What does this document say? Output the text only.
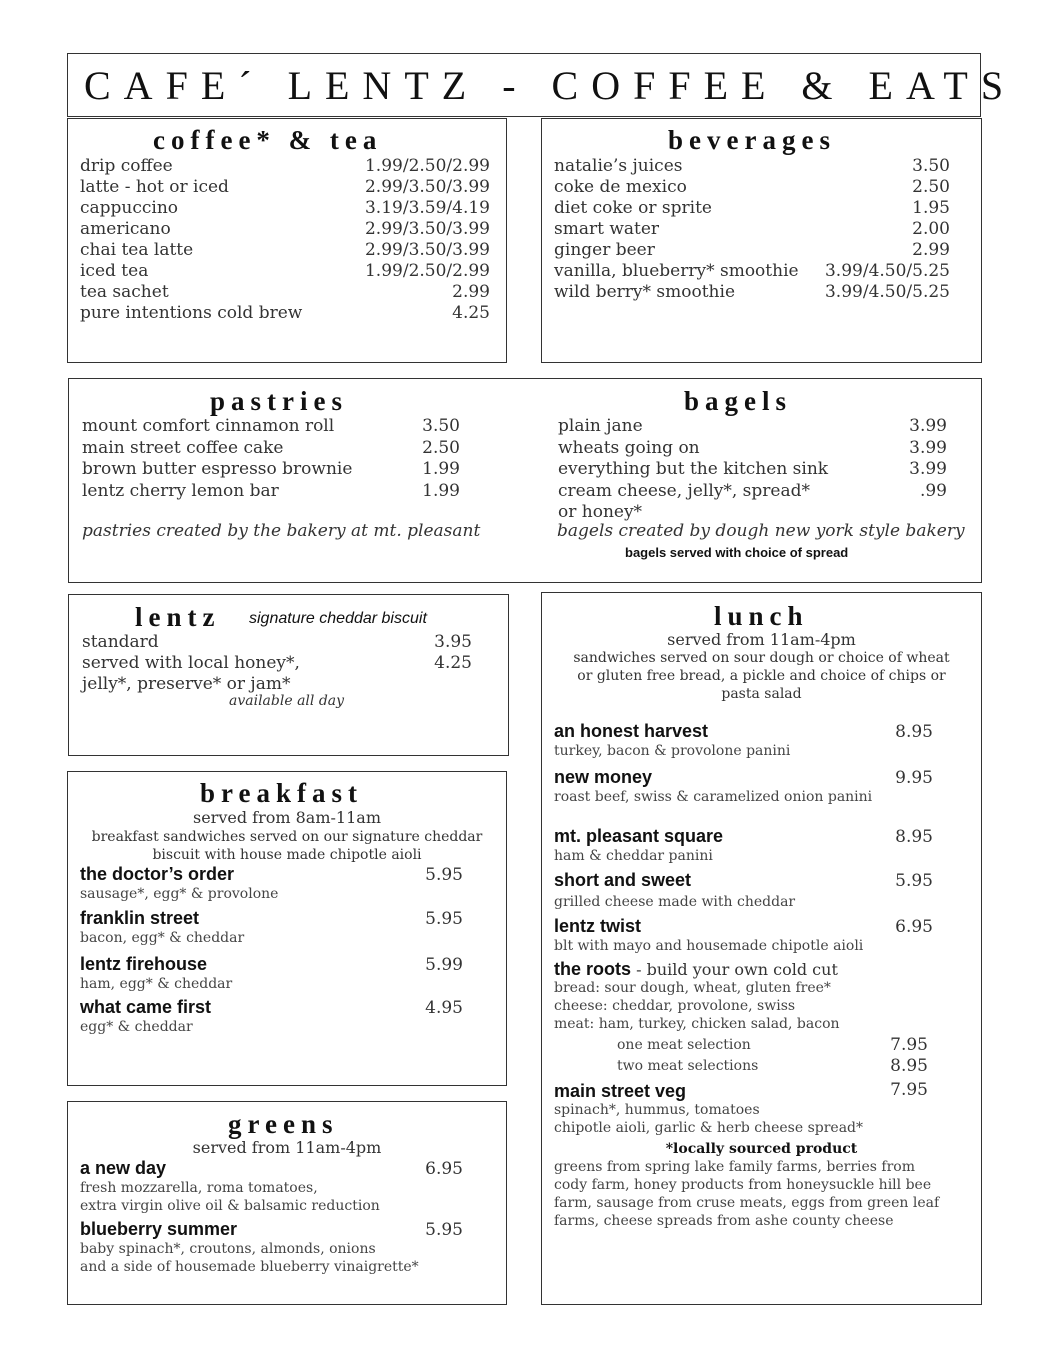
CAFE´ LENTZ - COFFEE & EATS
coffee* & tea
drip coffee	1.99/2.50/2.99
latte - hot or iced	2.99/3.50/3.99
cappuccino	3.19/3.59/4.19
americano	2.99/3.50/3.99
chai tea latte	2.99/3.50/3.99
iced tea	1.99/2.50/2.99
tea sachet	2.99
pure intentions cold brew	4.25
beverages
natalie’s juices	3.50
coke de mexico	2.50
diet coke or sprite	1.95
smart water	2.00
ginger beer	2.99
vanilla, blueberry* smoothie	3.99/4.50/5.25
wild berry* smoothie	3.99/4.50/5.25
pastries
mount comfort cinnamon roll	3.50
main street coffee cake	2.50
brown butter espresso brownie	1.99
lentz cherry lemon bar	1.99
pastries created by the bakery at mt. pleasant
bagels
plain jane	3.99
wheats going on	3.99
everything but the kitchen sink	3.99
cream cheese, jelly*, spread*	.99
or honey*
bagels created by dough new york style bakery
bagels served with choice of spread
lentz signature cheddar biscuit
standard	3.95
served with local honey*,	4.25
jelly*, preserve* or jam*
available all day
breakfast
served from 8am-11am
breakfast sandwiches served on our signature cheddar
biscuit with house made chipotle aioli
the doctor’s order	5.95
sausage*, egg* & provolone
franklin street	5.95
bacon, egg* & cheddar
lentz firehouse	5.99
ham, egg* & cheddar
what came first	4.95
egg* & cheddar
greens
served from 11am-4pm
a new day	6.95
fresh mozzarella, roma tomatoes,
extra virgin olive oil & balsamic reduction
blueberry summer	5.95
baby spinach*, croutons, almonds, onions
and a side of housemade blueberry vinaigrette*
lunch
served from 11am-4pm
sandwiches served on sour dough or choice of wheat
or gluten free bread, a pickle and choice of chips or
pasta salad
an honest harvest	8.95
turkey, bacon & provolone panini
new money	9.95
roast beef, swiss & caramelized onion panini
mt. pleasant square	8.95
ham & cheddar panini
short and sweet	5.95
grilled cheese made with cheddar
lentz twist	6.95
blt with mayo and housemade chipotle aioli
the roots - build your own cold cut
bread: sour dough, wheat, gluten free*
cheese: cheddar, provolone, swiss
meat: ham, turkey, chicken salad, bacon
one meat selection	7.95
two meat selections	8.95
main street veg	7.95
spinach*, hummus, tomatoes
chipotle aioli, garlic & herb cheese spread*
*locally sourced product
greens from spring lake family farms, berries from
cody farm, honey products from honeysuckle hill bee
farm, sausage from cruse meats, eggs from green leaf
farms, cheese spreads from ashe county cheese
